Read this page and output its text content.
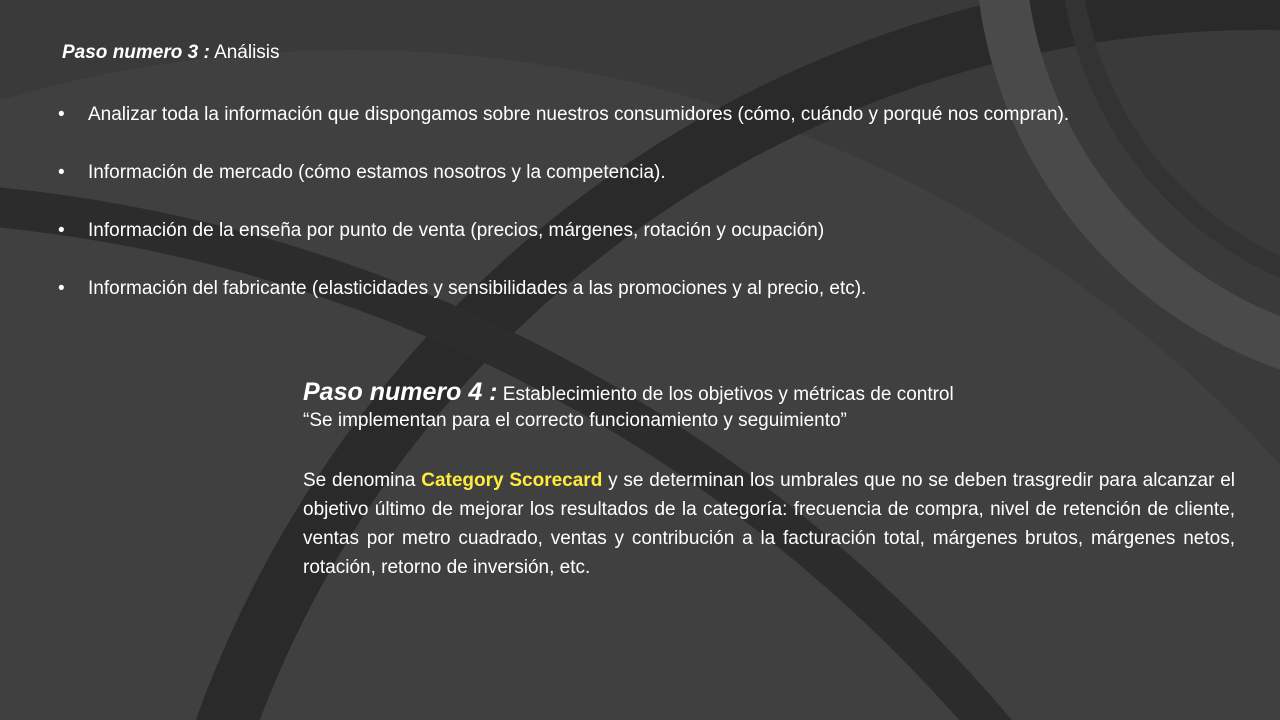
Paso numero 3 : Análisis
• Analizar toda la información que dispongamos sobre nuestros consumidores (cómo, cuándo y porqué nos compran).
• Información de mercado (cómo estamos nosotros y la competencia).
• Información de la enseña por punto de venta (precios, márgenes, rotación y ocupación)
• Información del fabricante (elasticidades y sensibilidades a las promociones y al precio, etc).
Paso numero 4 : Establecimiento de los objetivos y métricas de control
“Se implementan para el correcto funcionamiento y seguimiento”

Se denomina Category Scorecard y se determinan los umbrales que no se deben trasgredir para alcanzar el objetivo último de mejorar los resultados de la categoría: frecuencia de compra, nivel de retención de cliente, ventas por metro cuadrado, ventas y contribución a la facturación total, márgenes brutos, márgenes netos, rotación, retorno de inversión, etc.
